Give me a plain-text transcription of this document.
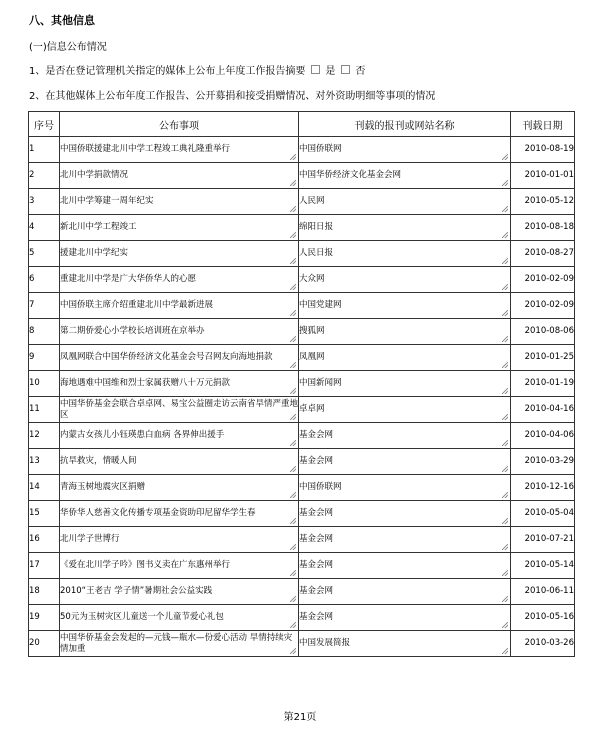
八、其他信息

(一)信息公布情况

1、是否在登记管理机关指定的媒体上公布上年度工作报告摘要 是 否

2、在其他媒体上公布年度工作报告、公开募捐和接受捐赠情况、对外资助明细等事项的情况

序号	公布事项	刊载的报刊或网站名称	刊载日期
1	中国侨联援建北川中学工程竣工典礼隆重举行	中国侨联网	2010-08-19
2	北川中学捐款情况	中国华侨经济文化基金会网	2010-01-01
3	北川中学筹建一周年纪实	人民网	2010-05-12
4	新北川中学工程竣工	绵阳日报	2010-08-18
5	援建北川中学纪实	人民日报	2010-08-27
6	重建北川中学是广大华侨华人的心愿	大众网	2010-02-09
7	中国侨联主席介绍重建北川中学最新进展	中国党建网	2010-02-09
8	第二期侨爱心小学校长培训班在京举办	搜狐网	2010-08-06
9	凤凰网联合中国华侨经济文化基金会号召网友向海地捐款	凤凰网	2010-01-25
10	海地遇难中国维和烈士家属获赠八十万元捐款	中国新闻网	2010-01-19
11	中国华侨基金会联合卓卓网、易宝公益圈走访云南省旱情严重地区	卓卓网	2010-04-16
12	内蒙古女孩儿小钰瑛患白血病 各界伸出援手	基金会网	2010-04-06
13	抗旱救灾，情暖人间	基金会网	2010-03-29
14	青海玉树地震灾区捐赠	中国侨联网	2010-12-16
15	华侨华人慈善文化传播专项基金资助印尼留华学生春	基金会网	2010-05-04
16	北川学子世博行	基金会网	2010-07-21
17	《爱在北川学子吟》图书义卖在广东惠州举行	基金会网	2010-05-14
18	2010“王老吉 学子情”暑期社会公益实践	基金会网	2010-06-11
19	50元为玉树灾区儿童送一个儿童节爱心礼包	基金会网	2010-05-16
20	中国华侨基金会发起的—元钱—瓶水—份爱心活动 旱情持续灾情加重	中国发展简报	2010-03-26

第21页
